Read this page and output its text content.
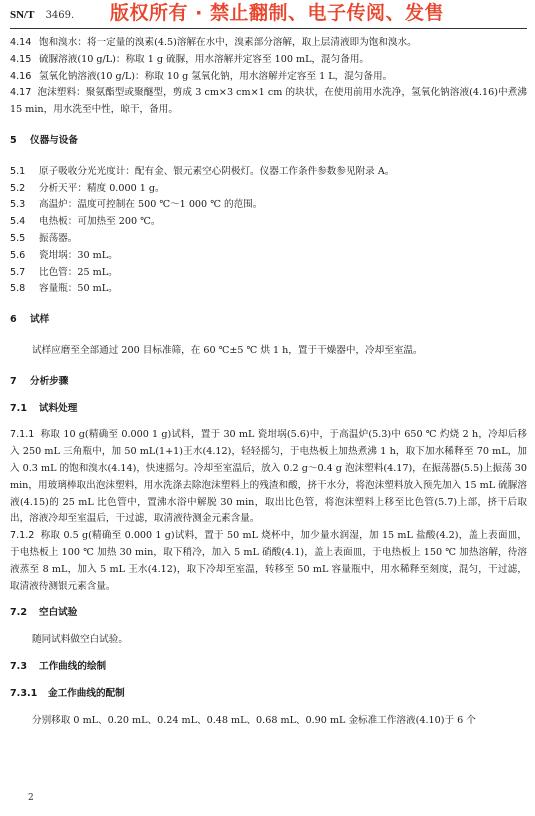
SN/T 3469. 版权所有 · 禁止翻制、电子传阅、发售
4.14 饱和溴水：将一定量的溴素(4.5)溶解在水中，溴素部分溶解，取上层清液即为饱和溴水。
4.15 硫脲溶液(10 g/L)：称取 1 g 硫脲，用水溶解并定容至 100 mL，混匀备用。
4.16 氢氧化钠溶液(10 g/L)：称取 10 g 氢氧化钠，用水溶解并定容至 1 L，混匀备用。
4.17 泡沫塑料：聚氨酯型或聚醚型，剪成 3 cm×3 cm×1 cm 的块状，在使用前用水洗净，氢氧化钠溶液(4.16)中煮沸 15 min，用水洗至中性，晾干，备用。
5	仪器与设备
5.1	原子吸收分光光度计：配有金、银元素空心阴极灯。仪器工作条件参数参见附录 A。
5.2	分析天平：精度 0.000 1 g。
5.3	高温炉：温度可控制在 500 ℃～1 000 ℃ 的范围。
5.4	电热板：可加热至 200 ℃。
5.5	振荡器。
5.6	瓷坩埚：30 mL。
5.7	比色管：25 mL。
5.8	容量瓶：50 mL。
6	试样
试样应磨至全部通过 200 目标准筛，在 60 ℃±5 ℃ 烘 1 h，置于干燥器中，冷却至室温。
7	分析步骤
7.1	试料处理
7.1.1 称取 10 g(精确至 0.000 1 g)试料，置于 30 mL 瓷坩埚(5.6)中，于高温炉(5.3)中 650 ℃ 灼烧 2 h，冷却后移入 250 mL 三角瓶中，加 50 mL(1+1)王水(4.12)，轻轻摇匀，于电热板上加热煮沸 1 h，取下加水稀释至 70 mL，加入 0.3 mL 的饱和溴水(4.14)，快速摇匀。冷却至室温后，放入 0.2 g～0.4 g 泡沫塑料(4.17)，在振荡器(5.5)上振荡 30 min，用玻璃棒取出泡沫塑料，用水洗涤去除泡沫塑料上的残渣和酸，挤干水分，将泡沫塑料放入预先加入 15 mL 硫脲溶液(4.15)的 25 mL 比色管中，置沸水浴中解脱 30 min，取出比色管，将泡沫塑料上移至比色管(5.7)上部，挤干后取出，溶液冷却至室温后，干过滤，取清液待测金元素含量。
7.1.2 称取 0.5 g(精确至 0.000 1 g)试料，置于 50 mL 烧杯中，加少量水润湿，加 15 mL 盐酸(4.2)，盖上表面皿，于电热板上 100 ℃ 加热 30 min，取下稍冷，加入 5 mL 硝酸(4.1)，盖上表面皿，于电热板上 150 ℃ 加热溶解，待溶液蒸至 8 mL，加入 5 mL 王水(4.12)，取下冷却至室温，转移至 50 mL 容量瓶中，用水稀释至刻度，混匀，干过滤，取清液待测银元素含量。
7.2	空白试验
随同试料做空白试验。
7.3	工作曲线的绘制
7.3.1	金工作曲线的配制
分别移取 0 mL、0.20 mL、0.24 mL、0.48 mL、0.68 mL、0.90 mL 金标准工作溶液(4.10)于 6 个
2
